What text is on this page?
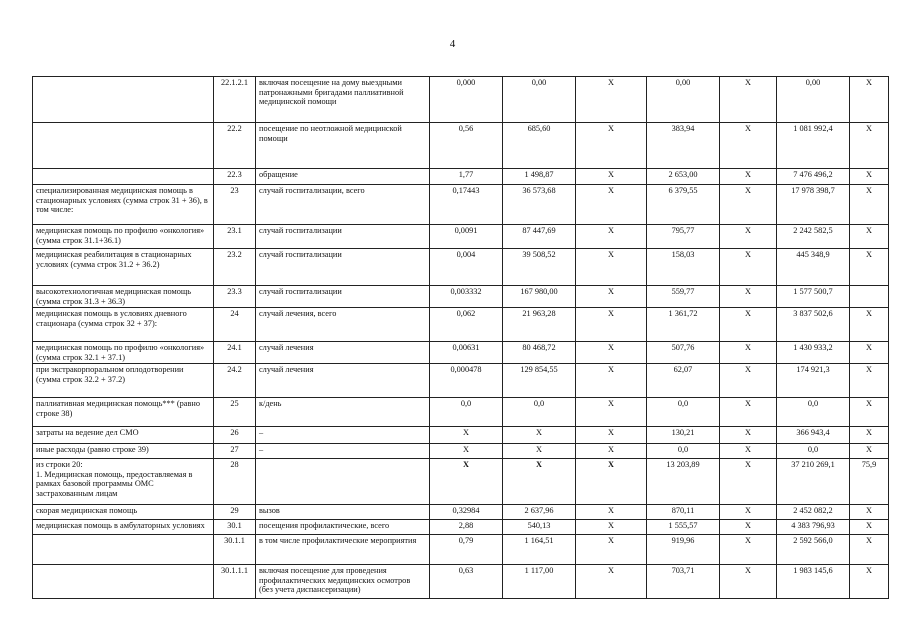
4
	22.1.2.1	включая посещение на дому выездными патронажными бригадами паллиативной медицинской помощи	0,000	0,00	X	0,00	X	0,00	X
	22.2	посещение по неотложной медицинской помощи	0,56	685,60	X	383,94	X	1 081 992,4	X
	22.3	обращение	1,77	1 498,87	X	2 653,00	X	7 476 496,2	X
специализированная медицинская помощь в стационарных условиях (сумма строк 31 + 36), в том числе:	23	случай госпитализации, всего	0,17443	36 573,68	X	6 379,55	X	17 978 398,7	X
медицинская помощь по профилю «онкология» (сумма строк 31.1+36.1)	23.1	случай госпитализации	0,0091	87 447,69	X	795,77	X	2 242 582,5	X
медицинская реабилитация в стационарных условиях (сумма строк 31.2 + 36.2)	23.2	случай госпитализации	0,004	39 508,52	X	158,03	X	445 348,9	X
высокотехнологичная медицинская помощь (сумма строк 31.3 + 36.3)	23.3	случай госпитализации	0,003332	167 980,00	X	559,77	X	1 577 500,7	
медицинская помощь в условиях дневного стационара (сумма строк 32 + 37):	24	случай лечения, всего	0,062	21 963,28	X	1 361,72	X	3 837 502,6	X
медицинская помощь по профилю «онкология» (сумма строк 32.1 + 37.1)	24.1	случай лечения	0,00631	80 468,72	X	507,76	X	1 430 933,2	X
при экстракорпоральном оплодотворении (сумма строк 32.2 + 37.2)	24.2	случай лечения	0,000478	129 854,55	X	62,07	X	174 921,3	X
паллиативная медицинская помощь*** (равно строке 38)	25	к/день	0,0	0,0	X	0,0	X	0,0	X
затраты на ведение дел СМО	26	–	X	X	X	130,21	X	366 943,4	X
иные расходы (равно строке 39)	27	–	X	X	X	0,0	X	0,0	X
из строки 20:
1. Медицинская помощь, предоставляемая в рамках базовой программы ОМС застрахованным лицам	28		X	X	X	13 203,89	X	37 210 269,1	75,9
скорая медицинская помощь	29	вызов	0,32984	2 637,96	X	870,11	X	2 452 082,2	X
медицинская помощь в амбулаторных условиях	30.1	посещения профилактические, всего	2,88	540,13	X	1 555,57	X	4 383 796,93	X
	30.1.1	в том числе профилактические мероприятия	0,79	1 164,51	X	919,96	X	2 592 566,0	X
	30.1.1.1	включая посещение для проведения профилактических медицинских осмотров (без учета диспансеризации)	0,63	1 117,00	X	703,71	X	1 983 145,6	X
